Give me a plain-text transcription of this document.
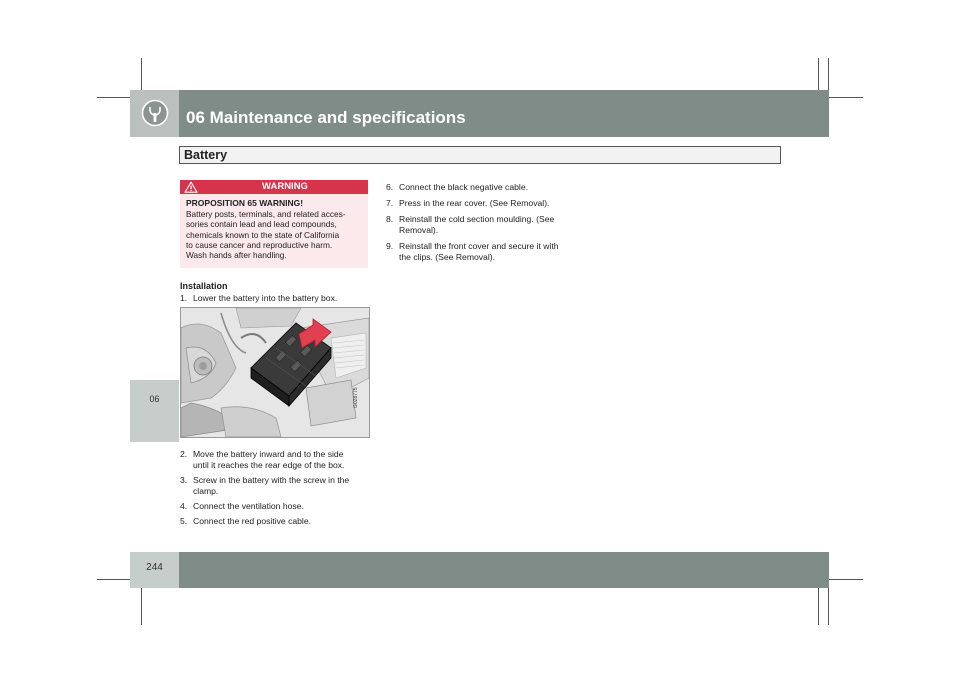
06 Maintenance and specifications
Battery
06
244
WARNING
PROPOSITION 65 WARNING!
Battery posts, terminals, and related acces-
sories contain lead and lead compounds,
chemicals known to the state of California
to cause cancer and reproductive harm.
Wash hands after handling.
Installation
1. Lower the battery into the battery box.
G028775
2. Move the battery inward and to the side
until it reaches the rear edge of the box.
3. Screw in the battery with the screw in the
clamp.
4. Connect the ventilation hose.
5. Connect the red positive cable.
6. Connect the black negative cable.
7. Press in the rear cover. (See Removal).
8. Reinstall the cold section moulding. (See
Removal).
9. Reinstall the front cover and secure it with
the clips. (See Removal).
